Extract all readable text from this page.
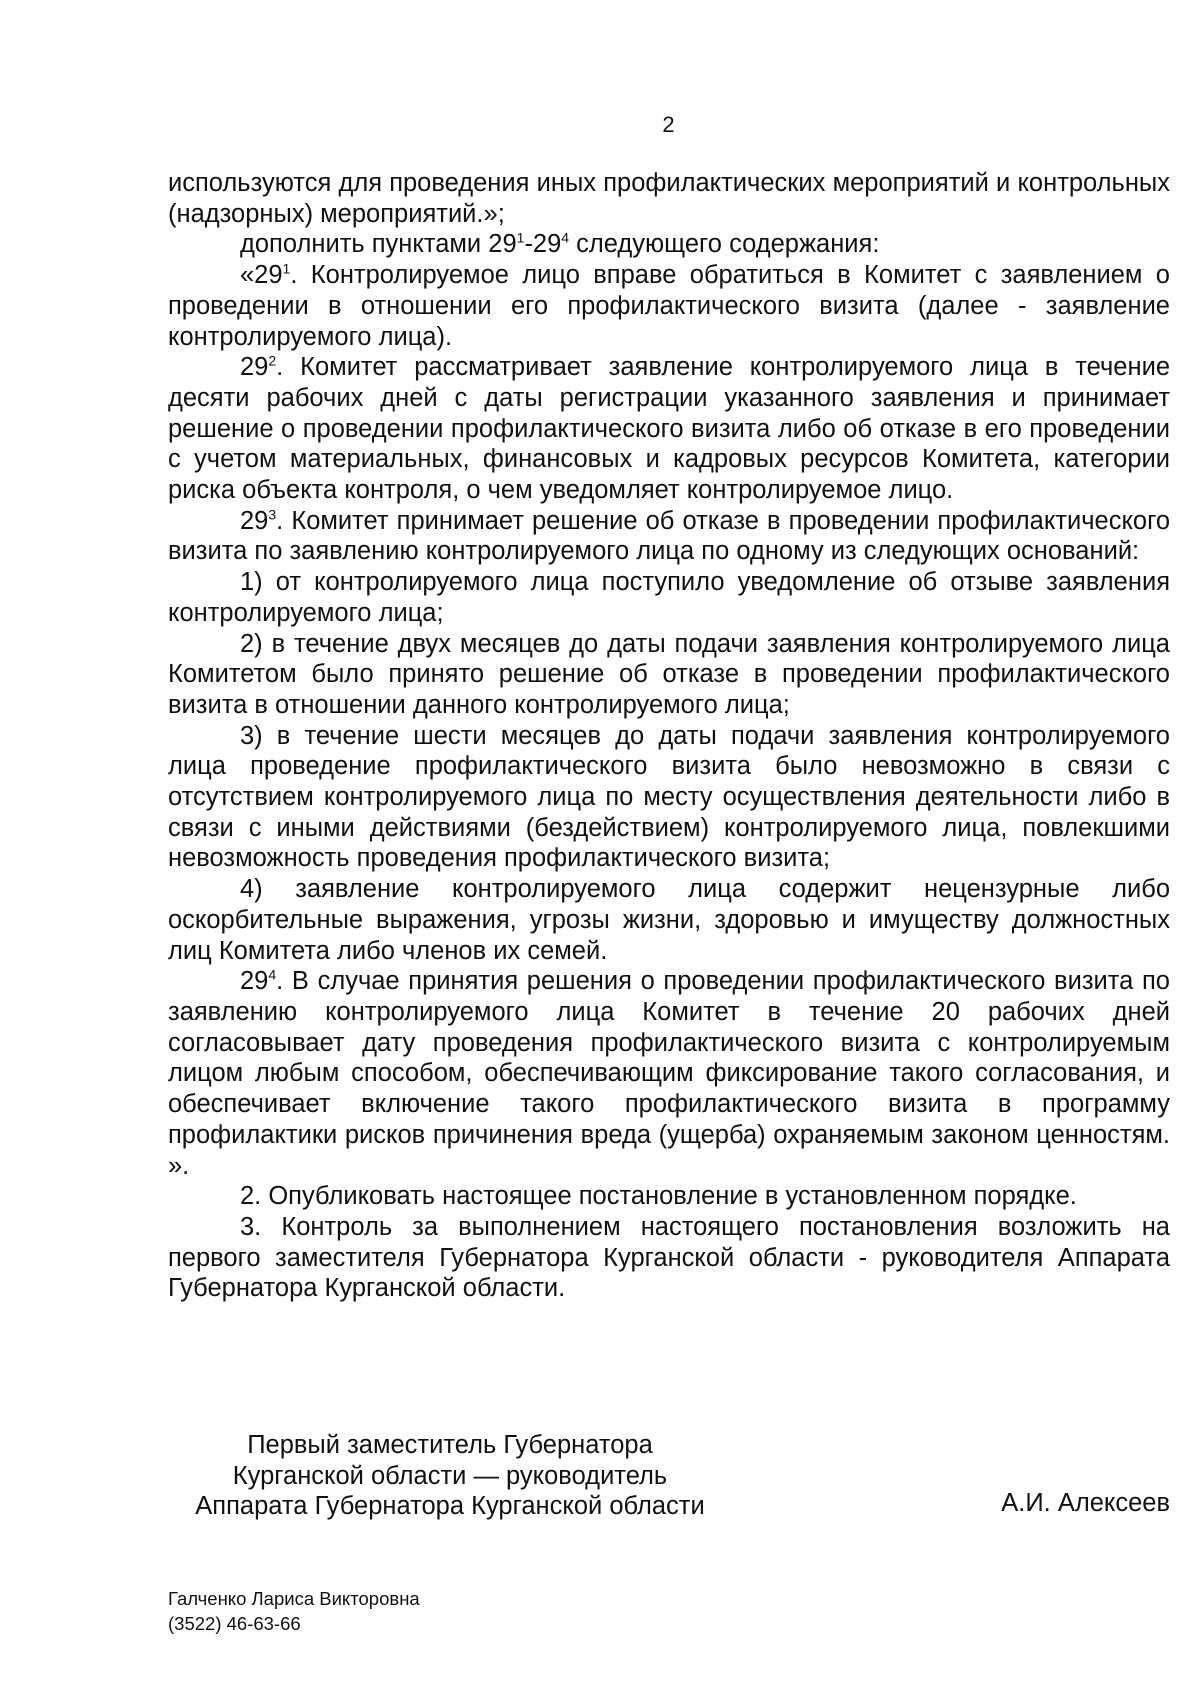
2

используются для проведения иных профилактических мероприятий и контрольных (надзорных) мероприятий.»;

дополнить пунктами $29^1-29^4$ следующего содержания:

«$29^1$. Контролируемое лицо вправе обратиться в Комитет с заявлением о проведении в отношении его профилактического визита (далее - заявление контролируемого лица).

$29^2$. Комитет рассматривает заявление контролируемого лица в течение десяти рабочих дней с даты регистрации указанного заявления и принимает решение о проведении профилактического визита либо об отказе в его проведении с учетом материальных, финансовых и кадровых ресурсов Комитета, категории риска объекта контроля, о чем уведомляет контролируемое лицо.

$29^3$. Комитет принимает решение об отказе в проведении профилактического визита по заявлению контролируемого лица по одному из следующих оснований:

1) от контролируемого лица поступило уведомление об отзыве заявления контролируемого лица;

2) в течение двух месяцев до даты подачи заявления контролируемого лица Комитетом было принято решение об отказе в проведении профилактического визита в отношении данного контролируемого лица;

3) в течение шести месяцев до даты подачи заявления контролируемого лица проведение профилактического визита было невозможно в связи с отсутствием контролируемого лица по месту осуществления деятельности либо в связи с иными действиями (бездействием) контролируемого лица, повлекшими невозможность проведения профилактического визита;

4) заявление контролируемого лица содержит нецензурные либо оскорбительные выражения, угрозы жизни, здоровью и имуществу должностных лиц Комитета либо членов их семей.

$29^4$. В случае принятия решения о проведении профилактического визита по заявлению контролируемого лица Комитет в течение 20 рабочих дней согласовывает дату проведения профилактического визита с контролируемым лицом любым способом, обеспечивающим фиксирование такого согласования, и обеспечивает включение такого профилактического визита в программу профилактики рисков причинения вреда (ущерба) охраняемым законом ценностям. ».

2. Опубликовать настоящее постановление в установленном порядке.

3. Контроль за выполнением настоящего постановления возложить на первого заместителя Губернатора Курганской области - руководителя Аппарата Губернатора Курганской области.

Первый заместитель Губернатора
Курганской области — руководитель
Аппарата Губернатора Курганской области	А.И. Алексеев
Галченко Лариса Викторовна
(3522) 46-63-66
